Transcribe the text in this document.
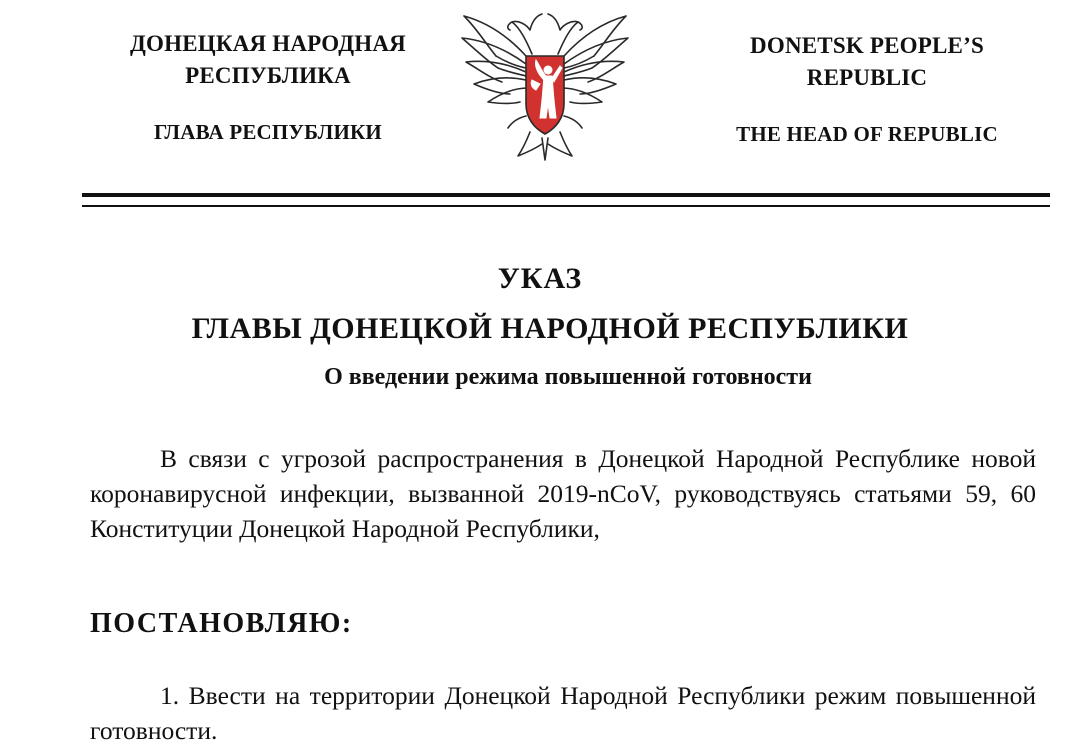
ДОНЕЦКАЯ НАРОДНАЯ РЕСПУБЛИКА
ГЛАВА РЕСПУБЛИКИ
DONETSK PEOPLE’S REPUBLIC
THE HEAD OF REPUBLIC
УКАЗ
ГЛАВЫ ДОНЕЦКОЙ НАРОДНОЙ РЕСПУБЛИКИ
О введении режима повышенной готовности
В связи с угрозой распространения в Донецкой Народной Республике новой коронавирусной инфекции, вызванной 2019-nCoV, руководствуясь статьями 59, 60 Конституции Донецкой Народной Республики,
ПОСТАНОВЛЯЮ:
1. Ввести на территории Донецкой Народной Республики режим повышенной готовности.
